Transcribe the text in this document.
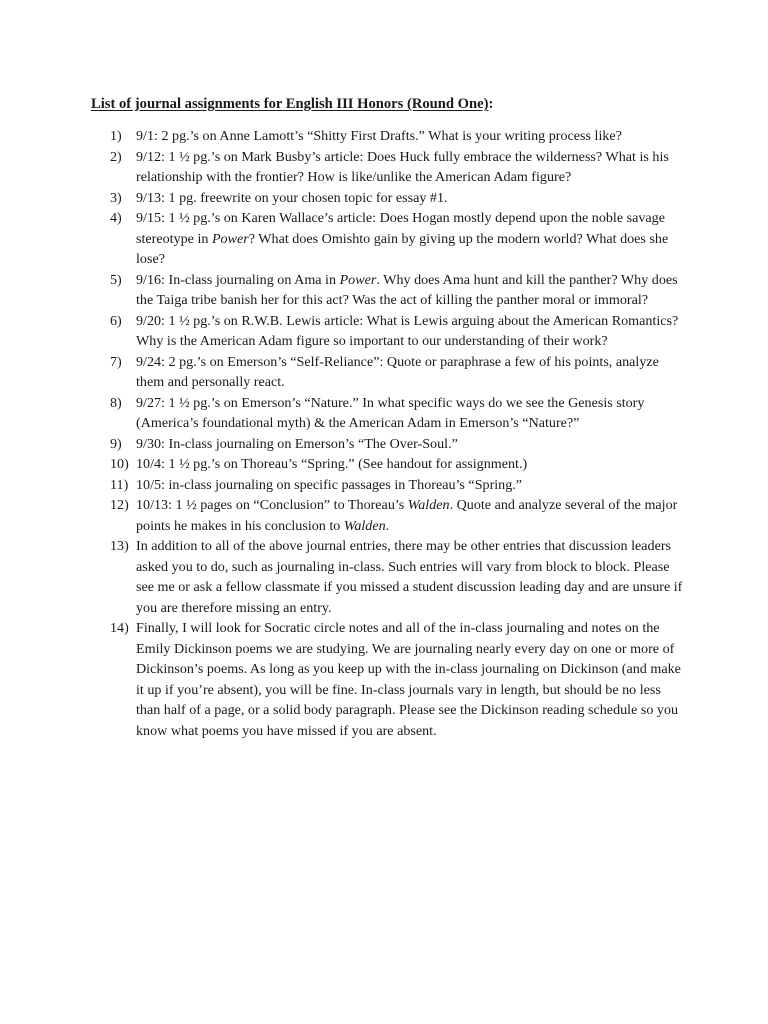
List of journal assignments for English III Honors (Round One):
1)	9/1: 2 pg.’s on Anne Lamott’s “Shitty First Drafts.” What is your writing process like?
2)	9/12: 1 ½ pg.’s on Mark Busby’s article: Does Huck fully embrace the wilderness? What is his relationship with the frontier? How is like/unlike the American Adam figure?
3)	9/13: 1 pg. freewrite on your chosen topic for essay #1.
4)	9/15: 1 ½ pg.’s on Karen Wallace’s article: Does Hogan mostly depend upon the noble savage stereotype in Power? What does Omishto gain by giving up the modern world? What does she lose?
5)	9/16: In-class journaling on Ama in Power. Why does Ama hunt and kill the panther? Why does the Taiga tribe banish her for this act? Was the act of killing the panther moral or immoral?
6)	9/20: 1 ½ pg.’s on R.W.B. Lewis article: What is Lewis arguing about the American Romantics? Why is the American Adam figure so important to our understanding of their work?
7)	9/24: 2 pg.’s on Emerson’s “Self-Reliance”: Quote or paraphrase a few of his points, analyze them and personally react.
8)	9/27: 1 ½ pg.’s on Emerson’s “Nature.” In what specific ways do we see the Genesis story (America’s foundational myth) & the American Adam in Emerson’s “Nature?”
9)	9/30: In-class journaling on Emerson’s “The Over-Soul.”
10) 10/4: 1 ½ pg.’s on Thoreau’s “Spring.” (See handout for assignment.)
11) 10/5: in-class journaling on specific passages in Thoreau’s “Spring.”
12) 10/13: 1 ½ pages on “Conclusion” to Thoreau’s Walden. Quote and analyze several of the major points he makes in his conclusion to Walden.
13) In addition to all of the above journal entries, there may be other entries that discussion leaders asked you to do, such as journaling in-class. Such entries will vary from block to block. Please see me or ask a fellow classmate if you missed a student discussion leading day and are unsure if you are therefore missing an entry.
14) Finally, I will look for Socratic circle notes and all of the in-class journaling and notes on the Emily Dickinson poems we are studying. We are journaling nearly every day on one or more of Dickinson’s poems. As long as you keep up with the in-class journaling on Dickinson (and make it up if you’re absent), you will be fine. In-class journals vary in length, but should be no less than half of a page, or a solid body paragraph. Please see the Dickinson reading schedule so you know what poems you have missed if you are absent.
